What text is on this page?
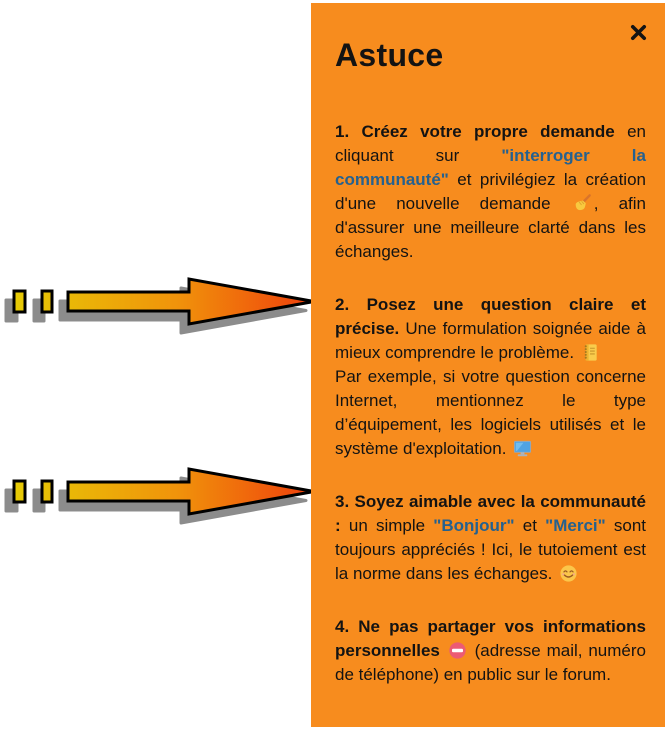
Astuce

1. Créez votre propre demande en cliquant sur "interroger la communauté" et privilégiez la création d'une nouvelle demande , afin d'assurer une meilleure clarté dans les échanges.

2. Posez une question claire et précise. Une formulation soignée aide à mieux comprendre le problème.
Par exemple, si votre question concerne Internet, mentionnez le type d’équipement, les logiciels utilisés et le système d'exploitation.

3. Soyez aimable avec la communauté : un simple "Bonjour" et "Merci" sont toujours appréciés ! Ici, le tutoiement est la norme dans les échanges.

4. Ne pas partager vos informations personnelles  (adresse mail, numéro de téléphone) en public sur le forum.
